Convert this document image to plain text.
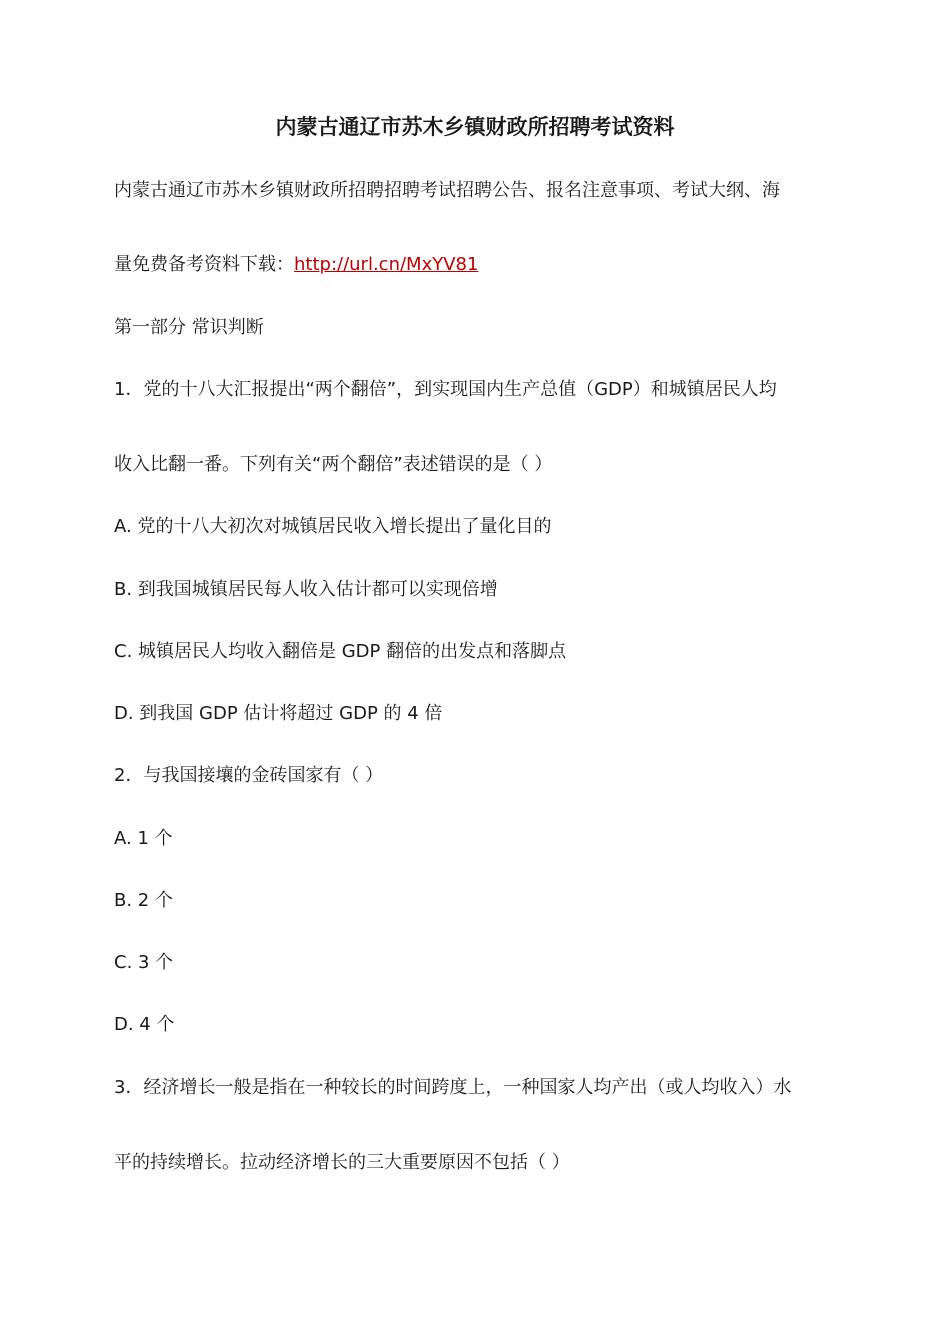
内蒙古通辽市苏木乡镇财政所招聘考试资料
内蒙古通辽市苏木乡镇财政所招聘招聘考试招聘公告、报名注意事项、考试大纲、海
量免费备考资料下载：http://url.cn/MxYV81
第一部分 常识判断
1．党的十八大汇报提出“两个翻倍”，到实现国内生产总值（GDP）和城镇居民人均
收入比翻一番。下列有关“两个翻倍”表述错误的是（ ）
A. 党的十八大初次对城镇居民收入增长提出了量化目的
B. 到我国城镇居民每人收入估计都可以实现倍增
C. 城镇居民人均收入翻倍是 GDP 翻倍的出发点和落脚点
D. 到我国 GDP 估计将超过 GDP 的 4 倍
2．与我国接壤的金砖国家有（ ）
A. 1 个
B. 2 个
C. 3 个
D. 4 个
3．经济增长一般是指在一种较长的时间跨度上，一种国家人均产出（或人均收入）水
平的持续增长。拉动经济增长的三大重要原因不包括（ ）
